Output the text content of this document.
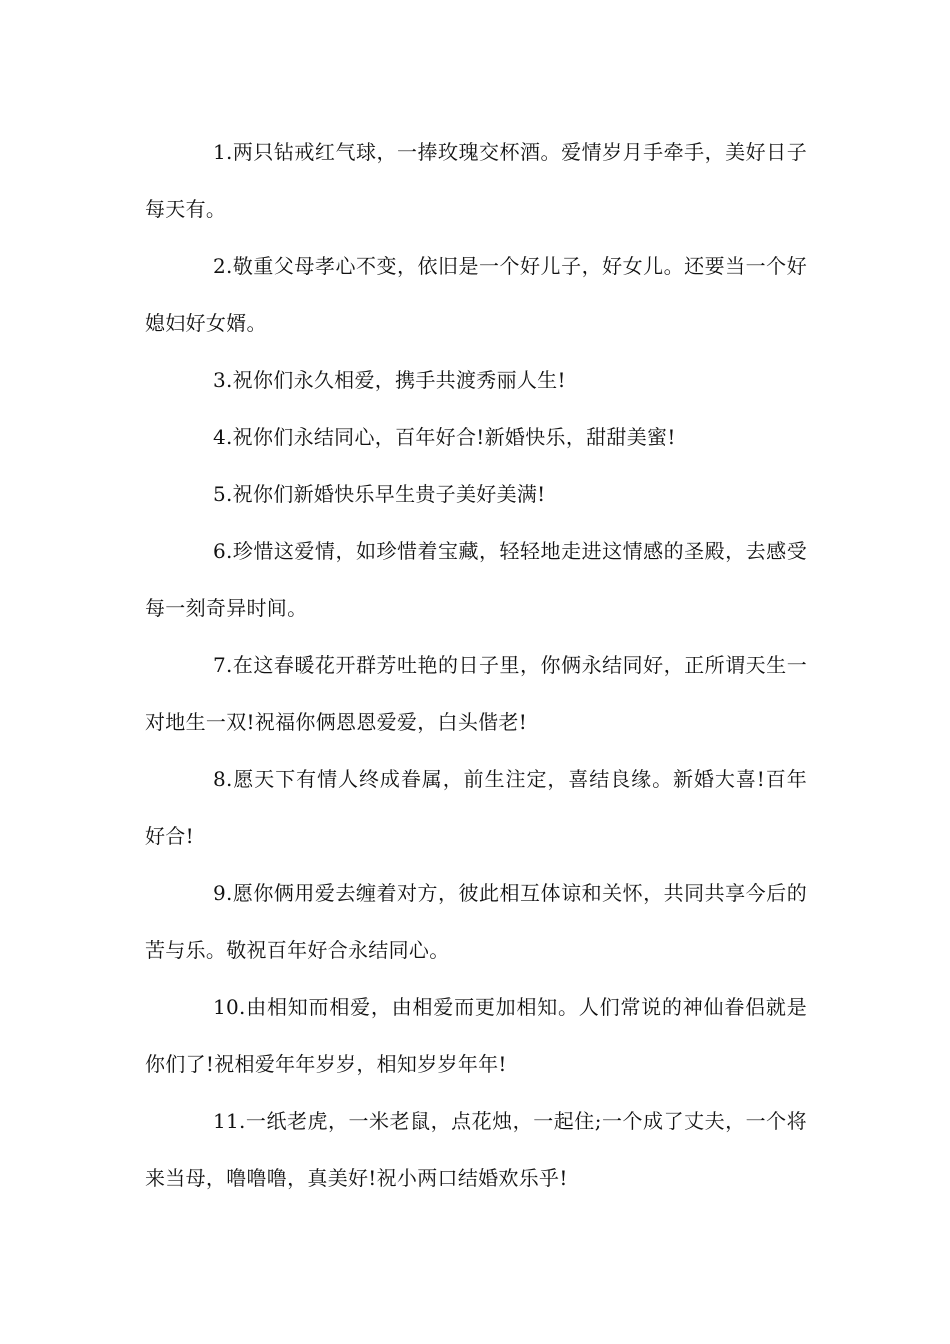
1.两只钻戒红气球，一捧玫瑰交杯酒。爱情岁月手牵手，美好日子每天有。

2.敬重父母孝心不变，依旧是一个好儿子，好女儿。还要当一个好媳妇好女婿。

3.祝你们永久相爱，携手共渡秀丽人生!

4.祝你们永结同心，百年好合!新婚快乐，甜甜美蜜!

5.祝你们新婚快乐早生贵子美好美满!

6.珍惜这爱情，如珍惜着宝藏，轻轻地走进这情感的圣殿，去感受每一刻奇异时间。

7.在这春暖花开群芳吐艳的日子里，你俩永结同好，正所谓天生一对地生一双!祝福你俩恩恩爱爱，白头偕老!

8.愿天下有情人终成眷属，前生注定，喜结良缘。新婚大喜!百年好合!

9.愿你俩用爱去缠着对方，彼此相互体谅和关怀，共同共享今后的苦与乐。敬祝百年好合永结同心。

10.由相知而相爱，由相爱而更加相知。人们常说的神仙眷侣就是你们了!祝相爱年年岁岁，相知岁岁年年!

11.一纸老虎，一米老鼠，点花烛，一起住;一个成了丈夫，一个将来当母，噜噜噜，真美好!祝小两口结婚欢乐乎!
